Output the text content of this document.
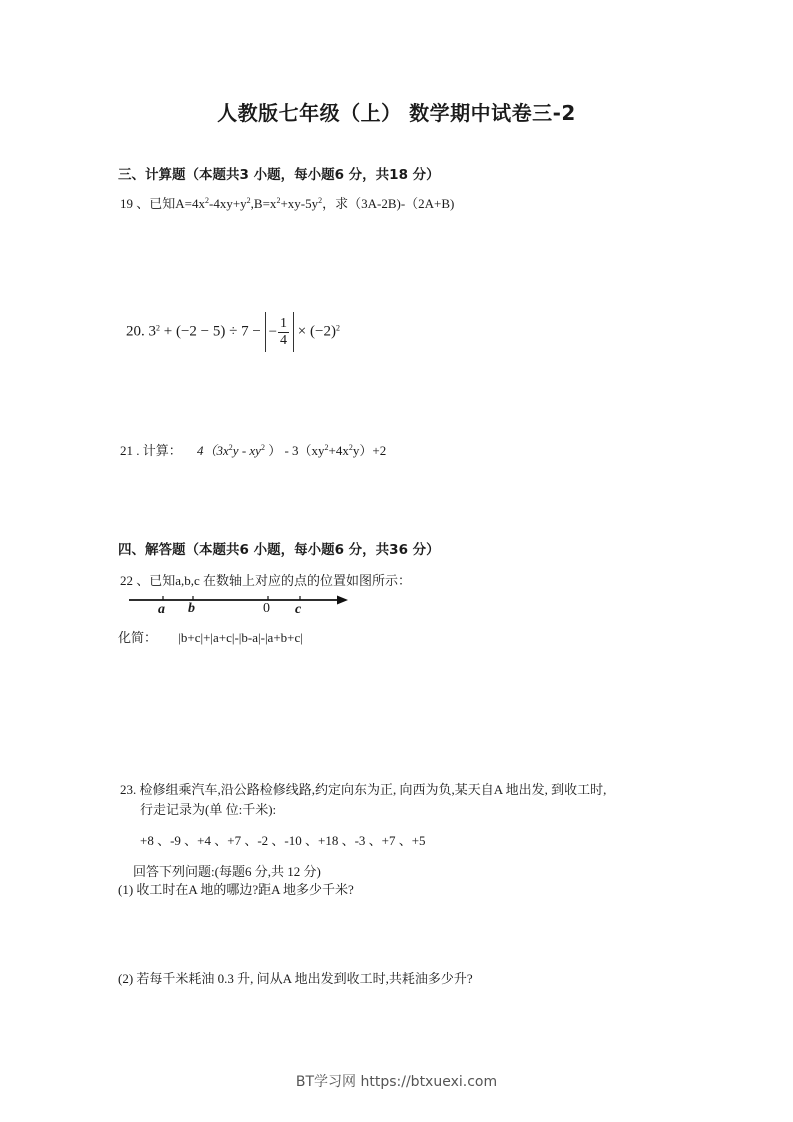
人教版七年级（上） 数学期中试卷三-2
三、计算题（本题共3 小题，每小题6 分，共18 分）
19 、已知$A=4x^2-4xy+y^2,B=x^2+xy-5y^2$，求（3A-2B)-（2A+B)
20. $3^2 + (-2 - 5) \div 7$ − − $\frac{1}{4} \times (-2)^2$
21 . 计算： $4(3x^2y - xy^2$ ） - $3(xy^2+4x^2y)+2$
四、解答题（本题共6 小题，每小题6 分，共36 分）
22 、已知a,b,c 在数轴上对应的点的位置如图所示：
a b	0 c
化简： |b+c|+|a+c|-|b-a|-|a+b+c|
23. 检修组乘汽车,沿公路检修线路,约定向东为正, 向西为负,某天自A 地出发, 到收工时,
行走记录为(单 位:千米):
+8 、-9 、+4 、+7 、-2 、-10 、+18 、-3 、+7 、+5
回答下列问题:(每题6 分,共 12 分)
(1) 收工时在A 地的哪边?距A 地多少千米?
(2) 若每千米耗油 0.3 升, 问从A 地出发到收工时,共耗油多少升?
BT学习网 https://btxuexi.com
